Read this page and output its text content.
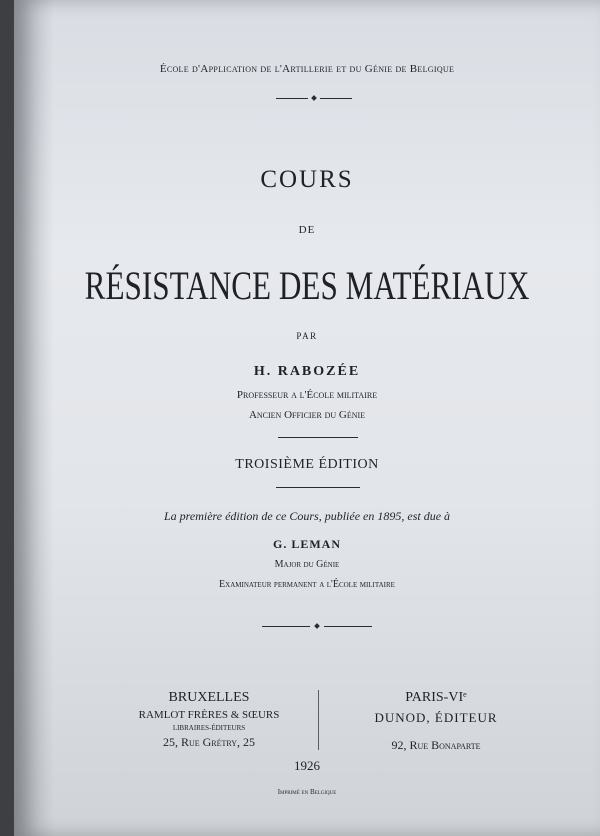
École d'Application de l'Artillerie et du Génie de Belgique
COURS
DE
RÉSISTANCE DES MATÉRIAUX
PAR
H. RABOZÉE
Professeur a l'École militaire
Ancien Officier du Génie
TROISIÈME ÉDITION
La première édition de ce Cours, publiée en 1895, est due à
G. LEMAN
Major du Génie
Examinateur permanent a l'École militaire
BRUXELLES
RAMLOT FRÈRES & SŒURS
LIBRAIRES-ÉDITEURS
25, Rue Grétry, 25
PARIS-VIᵉ
DUNOD, ÉDITEUR
92, Rue Bonaparte
1926
Imprimé en Belgique
